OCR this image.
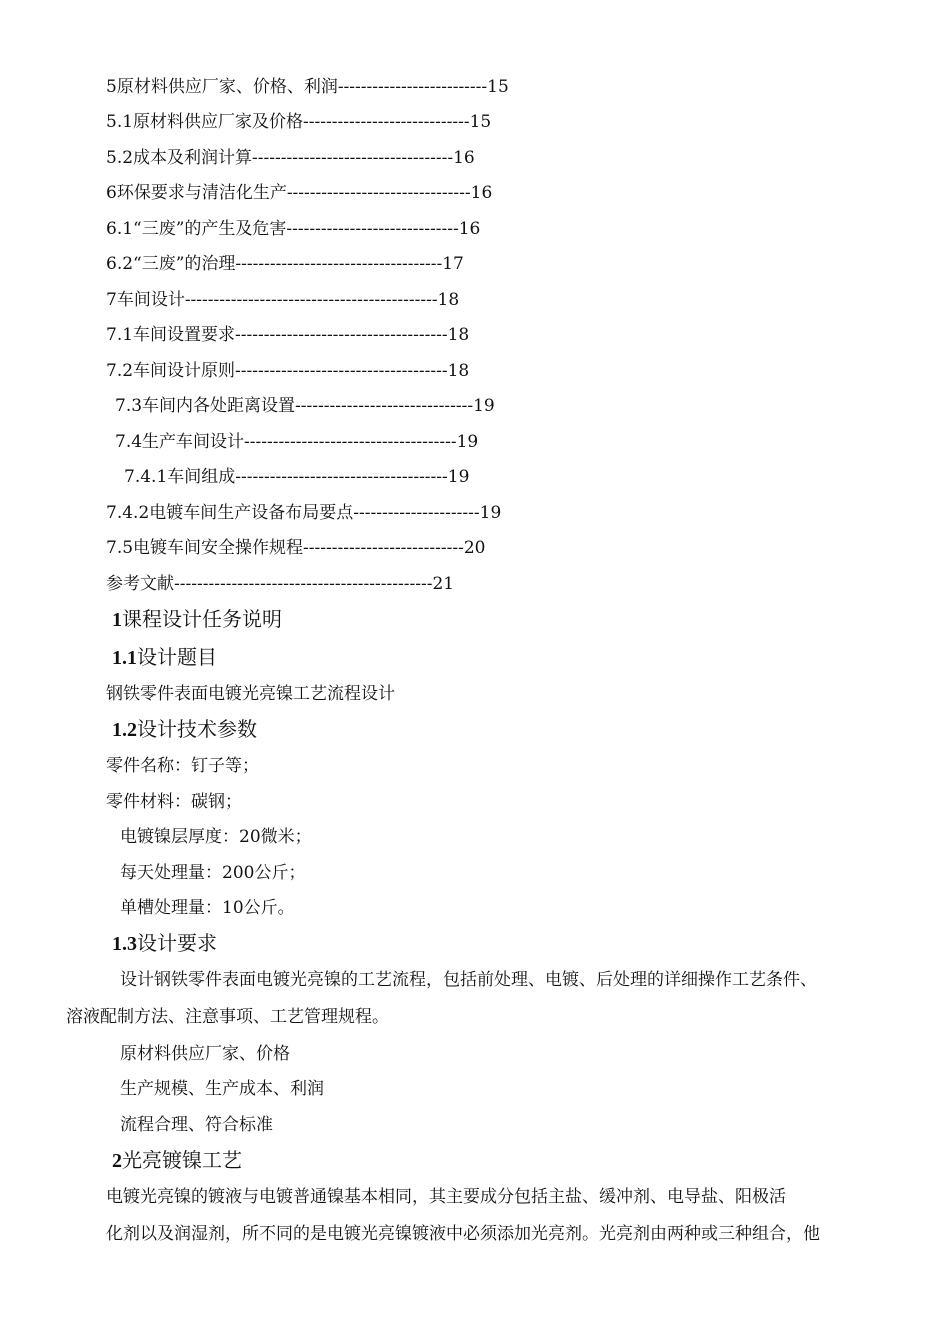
5原材料供应厂家、价格、利润--------------------------15
5.1原材料供应厂家及价格-----------------------------15
5.2成本及利润计算-----------------------------------16
6环保要求与清洁化生产--------------------------------16
6.1“三废”的产生及危害------------------------------16
6.2“三废”的治理------------------------------------17
7车间设计--------------------------------------------18
7.1车间设置要求-------------------------------------18
7.2车间设计原则-------------------------------------18
7.3车间内各处距离设置-------------------------------19
7.4生产车间设计-------------------------------------19
7.4.1车间组成-------------------------------------19
7.4.2电镀车间生产设备布局要点----------------------19
7.5电镀车间安全操作规程----------------------------20
参考文献---------------------------------------------21
1课程设计任务说明
1.1设计题目
钢铁零件表面电镀光亮镍工艺流程设计
1.2设计技术参数
零件名称：钉子等；
零件材料：碳钢；
电镀镍层厚度：20微米；
每天处理量：200公斤；
单槽处理量：10公斤。
1.3设计要求
设计钢铁零件表面电镀光亮镍的工艺流程，包括前处理、电镀、后处理的详细操作工艺条件、
溶液配制方法、注意事项、工艺管理规程。
原材料供应厂家、价格
生产规模、生产成本、利润
流程合理、符合标准
2光亮镀镍工艺
电镀光亮镍的镀液与电镀普通镍基本相同，其主要成分包括主盐、缓冲剂、电导盐、阳极活
化剂以及润湿剂，所不同的是电镀光亮镍镀液中必须添加光亮剂。光亮剂由两种或三种组合，他
